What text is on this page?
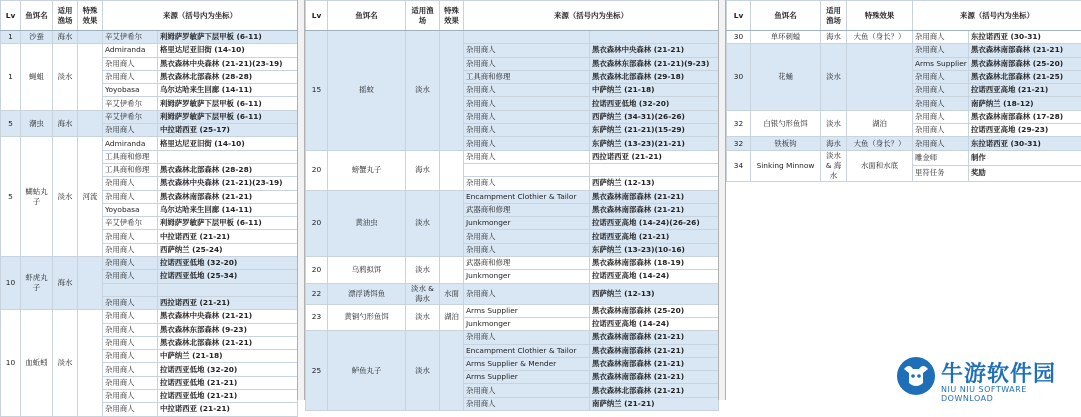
Lv	鱼饵名	适用渔场	特殊效果	来源（括号内为坐标）	
1	沙蚕	海水		辛艾伊希尔	利姆萨罗敏萨下层甲板 (6-11)
1	蝇蛆	淡水		Admiranda	格里达尼亚旧街 (14-10)
				杂用商人	黑衣森林中央森林 (21-21)(23-19)
				杂用商人	黑衣森林北部森林 (28-28)
				Yoyobasa	乌尔达哈来生回廊 (14-11)
				辛艾伊希尔	利姆萨罗敏萨下层甲板 (6-11)
5	潮虫	海水		辛艾伊希尔	利姆萨罗敏萨下层甲板 (6-11)
				杂用商人	中拉诺西亚 (25-17)
5	蝴蛄丸子	淡水	河流	Admiranda	格里达尼亚旧街 (14-10)
				工具商和修理	
				工具商和修理	黑衣森林北部森林 (28-28)
				杂用商人	黑衣森林中央森林 (21-21)(23-19)
				杂用商人	黑衣森林南部森林 (21-21)
				Yoyobasa	乌尔达哈来生回廊 (14-11)
				辛艾伊希尔	利姆萨罗敏萨下层甲板 (6-11)
				杂用商人	中拉诺西亚 (21-21)
				杂用商人	西萨纳兰 (25-24)
10	虾虎丸子	海水		杂用商人	拉诺西亚低地 (32-20)
				杂用商人	拉诺西亚低地 (25-34)

				杂用商人	西拉诺西亚 (21-21)
10	血蚯蚓	淡水		杂用商人	黑衣森林中央森林 (21-21)
				杂用商人	黑衣森林东部森林 (9-23)
				杂用商人	黑衣森林北部森林 (21-21)
				杂用商人	中萨纳兰 (21-18)
				杂用商人	拉诺西亚低地 (32-20)
				杂用商人	拉诺西亚低地 (21-21)
				杂用商人	拉诺西亚低地 (21-21)
				杂用商人	中拉诺西亚 (21-21)
Lv	鱼饵名	适用渔场	特殊效果	来源（括号内为坐标）	
15	摇蚊	淡水			
				杂用商人	黑衣森林中央森林 (21-21)
				杂用商人	黑衣森林东部森林 (21-21)(9-23)
				工具商和修理	黑衣森林北部森林 (29-18)
				杂用商人	中萨纳兰 (21-18)
				杂用商人	拉诺西亚低地 (32-20)
				杂用商人	西萨纳兰 (34-31)(26-26)
				杂用商人	东萨纳兰 (21-21)(15-29)
				杂用商人	东萨纳兰 (13-23)(21-21)
20	螃蟹丸子	海水		杂用商人	西拉诺西亚 (21-21)

				杂用商人	西萨纳兰 (12-13)
20	黄油虫	淡水		Encampment Clothier & Tailor	黑衣森林南部森林 (21-21)
				武器商和修理	黑衣森林南部森林 (21-21)
				Junkmonger	拉诺西亚高地 (14-24)(26-26)
				杂用商人	拉诺西亚高地 (21-21)
				杂用商人	东萨纳兰 (13-23)(10-16)
20	乌鸦拟饵	淡水		武器商和修理	黑衣森林南部森林 (18-19)
				Junkmonger	拉诺西亚高地 (14-24)
22	漂浮诱饵鱼	淡水 & 海水	水面	杂用商人	西萨纳兰 (12-13)
23	黄铜勺形鱼饵	淡水	湖泊	Arms Supplier	黑衣森林南部森林 (25-20)
				Junkmonger	拉诺西亚高地 (14-24)
25	鲈鱼丸子	淡水		杂用商人	黑衣森林南部森林 (21-21)
				Encampment Clothier & Tailor	黑衣森林南部森林 (21-21)
				Arms Supplier & Mender	黑衣森林南部森林 (21-21)
				Arms Supplier	黑衣森林南部森林 (21-21)
				杂用商人	黑衣森林北部森林 (21-21)
				杂用商人	南萨纳兰 (21-21)
Lv	鱼饵名	适用渔场	特殊效果	来源（括号内为坐标）	
30	单环刺螠	海水	大鱼（身长？）	杂用商人	东拉诺西亚 (30-31)
30	花蛹	淡水		杂用商人	黑衣森林南部森林 (21-21)
				Arms Supplier	黑衣森林南部森林 (25-20)
				杂用商人	黑衣森林北部森林 (21-25)
				杂用商人	拉诺西亚高地 (21-21)
				杂用商人	南萨纳兰 (18-12)
32	白银勺形鱼饵	淡水	湖泊	杂用商人	黑衣森林南部森林 (17-28)
				杂用商人	拉诺西亚高地 (29-23)
32	铁板钩	海水	大鱼（身长？）	杂用商人	东拉诺西亚 (30-31)
34	Sinking Minnow	淡水 & 海水	水面和水底	雕金师	制作
				里符任务	奖励
牛游软件园
NIU NIU SOFTWARE DOWNLOAD
